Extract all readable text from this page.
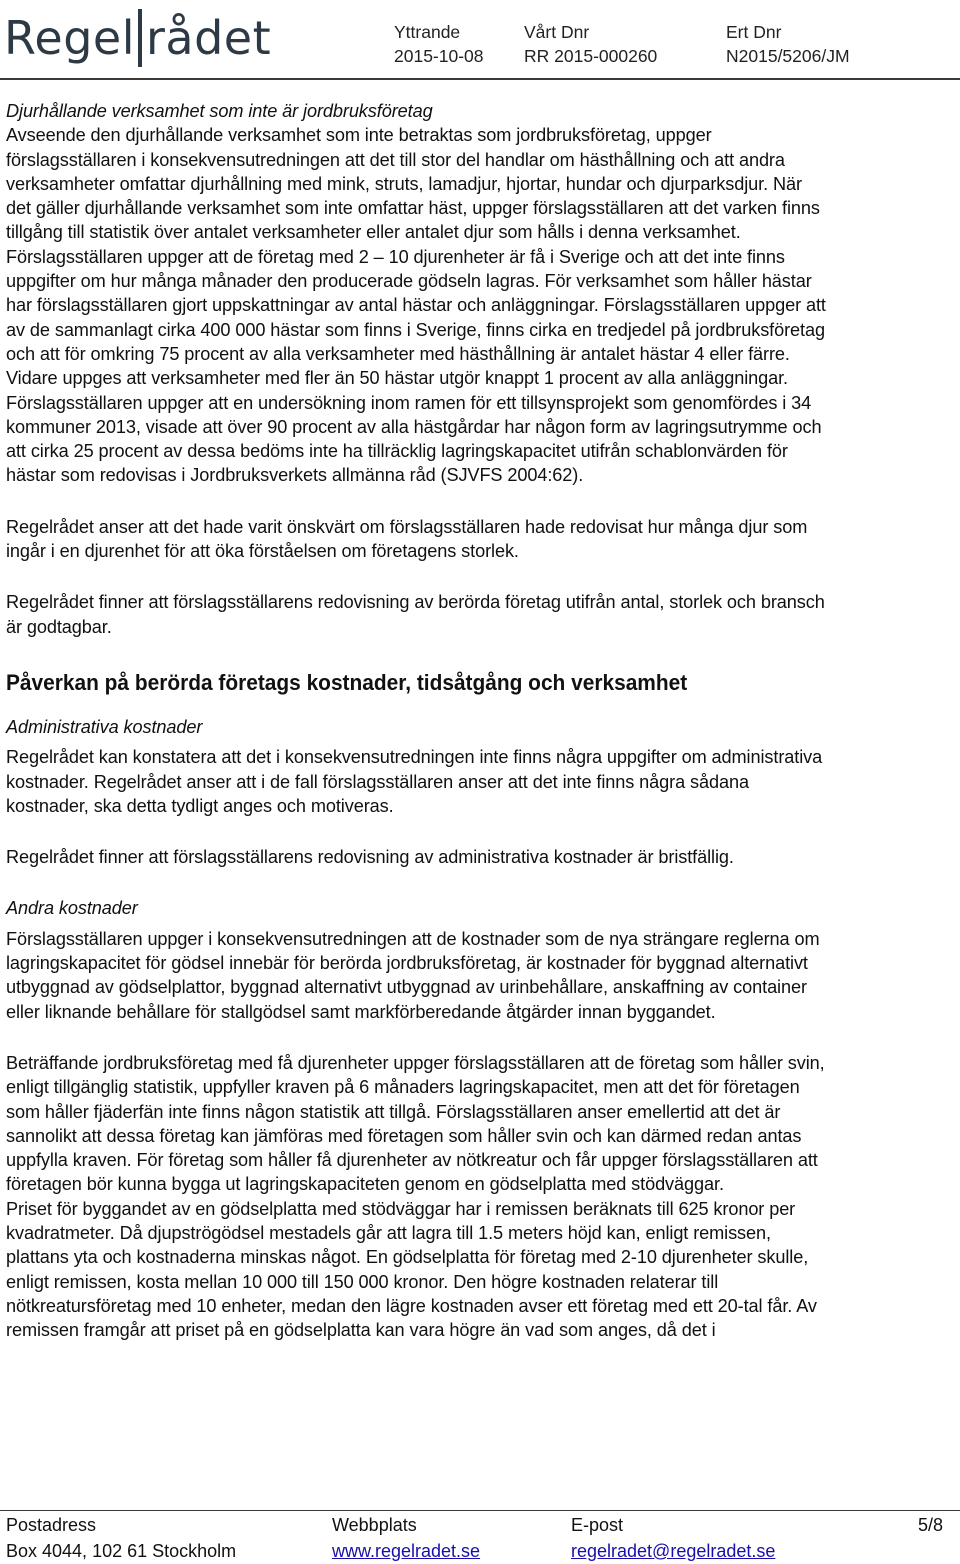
Regel rådet	Yttrande
2015-10-08
Vårt Dnr
RR 2015-000260
Ert Dnr
N2015/5206/JM

Djurhållande verksamhet som inte är jordbruksföretag

Avseende den djurhållande verksamhet som inte betraktas som jordbruksföretag, uppger

förslagsställaren i konsekvensutredningen att det till stor del handlar om hästhållning och att andra

verksamheter omfattar djurhållning med mink, struts, lamadjur, hjortar, hundar och djurparksdjur. När

det gäller djurhållande verksamhet som inte omfattar häst, uppger förslagsställaren att det varken finns

tillgång till statistik över antalet verksamheter eller antalet djur som hålls i denna verksamhet.

Förslagsställaren uppger att de företag med 2 – 10 djurenheter är få i Sverige och att det inte finns

uppgifter om hur många månader den producerade gödseln lagras. För verksamhet som håller hästar

har förslagsställaren gjort uppskattningar av antal hästar och anläggningar. Förslagsställaren uppger att

av de sammanlagt cirka 400 000 hästar som finns i Sverige, finns cirka en tredjedel på jordbruksföretag

och att för omkring 75 procent av alla verksamheter med hästhållning är antalet hästar 4 eller färre.

Vidare uppges att verksamheter med fler än 50 hästar utgör knappt 1 procent av alla anläggningar.

Förslagsställaren uppger att en undersökning inom ramen för ett tillsynsprojekt som genomfördes i 34

kommuner 2013, visade att över 90 procent av alla hästgårdar har någon form av lagringsutrymme och

att cirka 25 procent av dessa bedöms inte ha tillräcklig lagringskapacitet utifrån schablonvärden för

hästar som redovisas i Jordbruksverkets allmänna råd (SJVFS 2004:62).

Regelrådet anser att det hade varit önskvärt om förslagsställaren hade redovisat hur många djur som

ingår i en djurenhet för att öka förståelsen om företagens storlek.

Regelrådet finner att förslagsställarens redovisning av berörda företag utifrån antal, storlek och bransch

är godtagbar.

Påverkan på berörda företags kostnader, tidsåtgång och verksamhet

Administrativa kostnader

Regelrådet kan konstatera att det i konsekvensutredningen inte finns några uppgifter om administrativa

kostnader. Regelrådet anser att i de fall förslagsställaren anser att det inte finns några sådana

kostnader, ska detta tydligt anges och motiveras.

Regelrådet finner att förslagsställarens redovisning av administrativa kostnader är bristfällig.

Andra kostnader

Förslagsställaren uppger i konsekvensutredningen att de kostnader som de nya strängare reglerna om

lagringskapacitet för gödsel innebär för berörda jordbruksföretag, är kostnader för byggnad alternativt

utbyggnad av gödselplattor, byggnad alternativt utbyggnad av urinbehållare, anskaffning av container

eller liknande behållare för stallgödsel samt markförberedande åtgärder innan byggandet.

Beträffande jordbruksföretag med få djurenheter uppger förslagsställaren att de företag som håller svin,

enligt tillgänglig statistik, uppfyller kraven på 6 månaders lagringskapacitet, men att det för företagen

som håller fjäderfän inte finns någon statistik att tillgå. Förslagsställaren anser emellertid att det är

sannolikt att dessa företag kan jämföras med företagen som håller svin och kan därmed redan antas

uppfylla kraven. För företag som håller få djurenheter av nötkreatur och får uppger förslagsställaren att

företagen bör kunna bygga ut lagringskapaciteten genom en gödselplatta med stödväggar.

Priset för byggandet av en gödselplatta med stödväggar har i remissen beräknats till 625 kronor per

kvadratmeter. Då djupströgödsel mestadels går att lagra till 1.5 meters höjd kan, enligt remissen,

plattans yta och kostnaderna minskas något. En gödselplatta för företag med 2-10 djurenheter skulle,

enligt remissen, kosta mellan 10 000 till 150 000 kronor. Den högre kostnaden relaterar till

nötkreatursföretag med 10 enheter, medan den lägre kostnaden avser ett företag med ett 20-tal får. Av

remissen framgår att priset på en gödselplatta kan vara högre än vad som anges, då det i

Postadress
Box 4044, 102 61 Stockholm
Webbplats
www.regelradet.se
E-post
regelradet@regelradet.se
5/8
